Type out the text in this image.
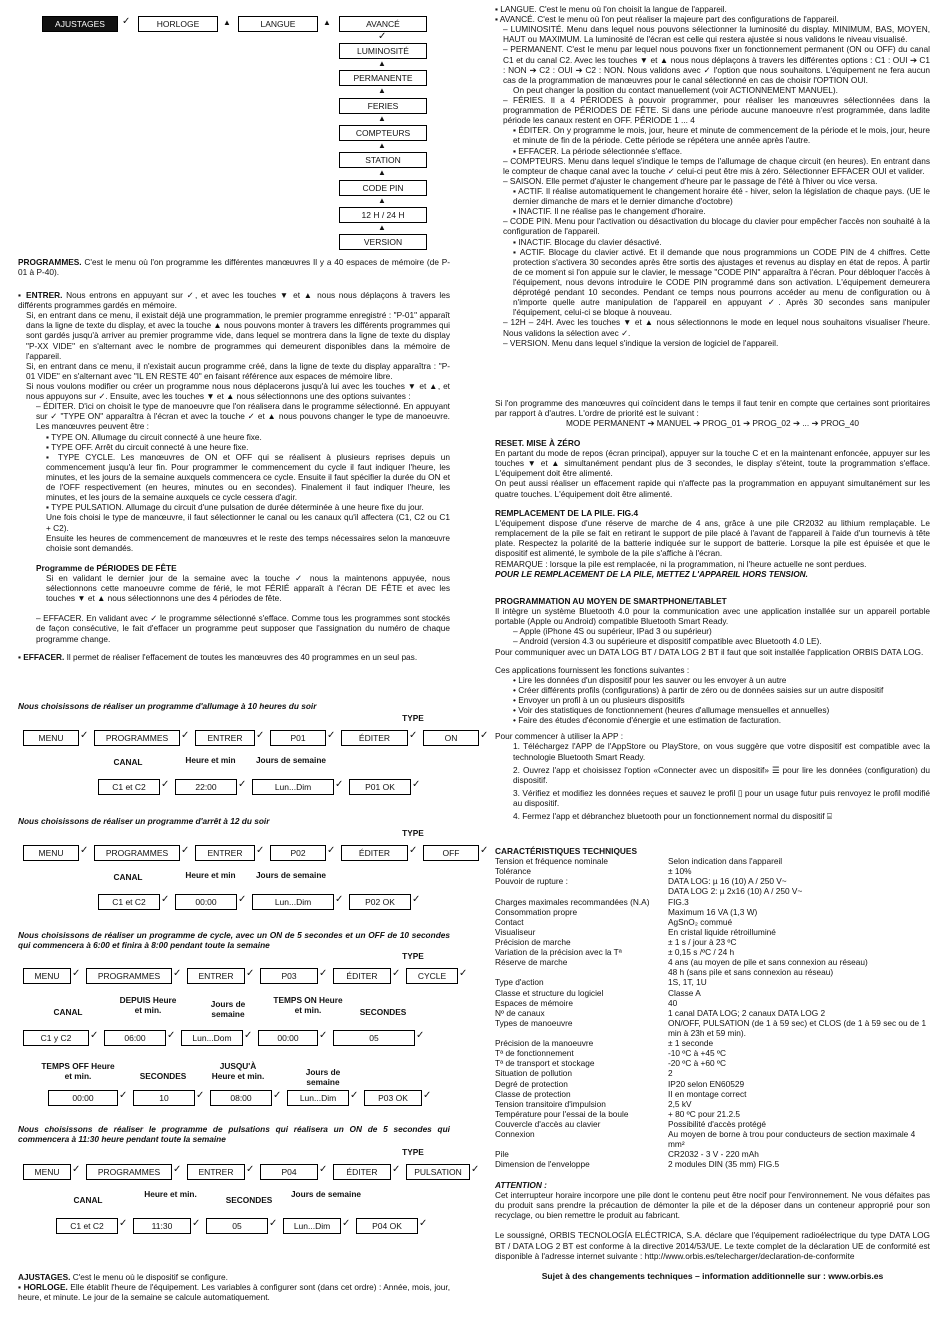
AJUSTAGES	✓	HORLOGE	▲	LANGUE	▲	AVANCÉ
✓
LUMINOSITÉ
▲
PERMANENTE
▲
FERIES
▲
COMPTEURS
▲
STATION
▲
CODE PIN
▲
12 H / 24 H
▲
VERSION

PROGRAMMES. C'est le menu où l'on programme les différentes manœuvres Il y a 40 espaces de mémoire (de P-01 à P-40).

▪ ENTRER. Nous entrons en appuyant sur ✓, et avec les touches ▼ et ▲ nous nous déplaçons à travers les différents programmes gardés en mémoire.

Si, en entrant dans ce menu, il existait déjà une programmation, le premier programme enregistré : "P-01" apparaît dans la ligne de texte du display, et avec la touche ▲ nous pouvons monter à travers les différents programmes qui sont gardés jusqu'à arriver au premier programme vide, dans lequel se montrera dans la ligne de texte du display "P-XX VIDE" en s'alternant avec le nombre de programmes qui demeurent disponibles dans la mémoire de l'appareil.

Si, en entrant dans ce menu, il n'existait aucun programme créé, dans la ligne de texte du display apparaîtra : "P-01 VIDE" en s'alternant avec "IL EN RESTE 40" en faisant référence aux espaces de mémoire libre.

Si nous voulons modifier ou créer un programme nous nous déplacerons jusqu'à lui avec les touches ▼ et ▲, et nous appuyons sur ✓. Ensuite, avec les touches ▼ et ▲ nous sélectionnons une des options suivantes :

– ÉDITER. D'ici on choisit le type de manoeuvre que l'on réalisera dans le programme sélectionné. En appuyant sur ✓ "TYPE ON" apparaîtra à l'écran et avec la touche ✓ et ▲ nous pouvons changer le type de manoeuvre. Les manœuvres peuvent être :

▪ TYPE ON. Allumage du circuit connecté à une heure fixe.

▪ TYPE OFF. Arrêt du circuit connecté à une heure fixe.

▪ TYPE CYCLE. Les manœuvres de ON et OFF qui se réalisent à plusieurs reprises depuis un commencement jusqu'à leur fin. Pour programmer le commencement du cycle il faut indiquer l'heure, les minutes, et les jours de la semaine auxquels commencera ce cycle. Ensuite il faut spécifier la durée du ON et de l'OFF respectivement (en heures, minutes ou en secondes). Finalement il faut indiquer l'heure, les minutes, et les jours de la semaine auxquels ce cycle cessera d'agir.

▪ TYPE PULSATION. Allumage du circuit d'une pulsation de durée déterminée à une heure fixe du jour.

Une fois choisi le type de manœuvre, il faut sélectionner le canal ou les canaux qu'il affectera (C1, C2 ou C1 + C2).

Ensuite les heures de commencement de manœuvres et le reste des temps nécessaires selon la manœuvre choisie sont demandés.

Programme de PÉRIODES DE FÊTE

Si en validant le dernier jour de la semaine avec la touche ✓ nous la maintenons appuyée, nous sélectionnons cette manoeuvre comme de férié, le mot FÉRIÉ apparaît à l'écran DE FÊTE et avec les touches ▼ et ▲ nous sélectionnons une des 4 périodes de fête.

– EFFACER. En validant avec ✓ le programme sélectionné s'efface. Comme tous les programmes sont stockés de façon consécutive, le fait d'effacer un programme peut supposer que l'assignation du numéro de chaque programme change.

▪ EFFACER. Il permet de réaliser l'effacement de toutes les manœuvres des 40 programmes en un seul pas.

Nous choisissons de réaliser un programme d'allumage à 10 heures du soir

TYPE
MENU	✓	PROGRAMMES	✓	ENTRER	✓	P01	✓	ÉDITER	✓	ON	✓
CANAL	Heure et min	Jours de semaine
C1 et C2	✓	22:00	✓	Lun...Dim	✓	P01 OK	✓

Nous choisissons de réaliser un programme d'arrêt à 12 du soir

TYPE
MENU	✓	PROGRAMMES	✓	ENTRER	✓	P02	✓	ÉDITER	✓	OFF	✓
CANAL	Heure et min	Jours de semaine
C1 et C2	✓	00:00	✓	Lun...Dim	✓	P02 OK	✓

Nous choisissons de réaliser un programme de cycle, avec un ON de 5 secondes et un OFF de 10 secondes qui commencera à 6:00 et finira à 8:00 pendant toute la semaine

TYPE
MENU	✓	PROGRAMMES	✓	ENTRER	✓	P03	✓	ÉDITER	✓	CYCLE	✓
CANAL
DEPUIS Heure et min.
Jours de semaine
TEMPS ON Heure et min.	SECONDES
C1 y C2	✓	06:00	✓	Lun...Dom	✓	00:00	✓	05	✓
TEMPS OFF Heure et min.	SECONDES
JUSQU'À Heure et min.	Jours de semaine
00:00	✓	10	✓	08:00	✓	Lun...Dim	✓	P03 OK	✓

Nous choisissons de réaliser le programme de pulsations qui réalisera un ON de 5 secondes qui commencera à 11:30 heure pendant toute la semaine

TYPE
MENU	✓	PROGRAMMES	✓	ENTRER	✓	P04	✓	ÉDITER	✓	PULSATION ✓
CANAL
Heure et min.
SECONDES
Jours de semaine
C1 et C2	✓	11:30	✓	05	✓	Lun...Dim	✓	P04 OK	✓

AJUSTAGES. C'est le menu où le dispositif se configure.

▪ HORLOGE. Elle établit l'heure de l'équipement. Les variables à configurer sont (dans cet ordre) : Année, mois, jour, heure, et minute. Le jour de la semaine se calcule automatiquement.

▪ LANGUE. C'est le menu où l'on choisit la langue de l'appareil.

▪ AVANCÉ. C'est le menu où l'on peut réaliser la majeure part des configurations de l'appareil.

– LUMINOSITÉ. Menu dans lequel nous pouvons sélectionner la luminosité du display. MINIMUM, BAS, MOYEN, HAUT ou MAXIMUM. La luminosité de l'écran est celle qui restera ajustée si nous validons le niveau visualisé.

– PERMANENT. C'est le menu par lequel nous pouvons fixer un fonctionnement permanent (ON ou OFF) du canal C1 et du canal C2. Avec les touches ▼ et ▲ nous nous déplaçons à travers les différentes options : C1 : OUI ➔ C1 : NON ➔ C2 : OUI ➔ C2 : NON. Nous validons avec ✓ l'option que nous souhaitons. L'équipement ne fera aucun cas de la programmation de manœuvres pour le canal sélectionné en cas de choisir l'OPTION OUI.

On peut changer la position du contact manuellement (voir ACTIONNEMENT MANUEL).

– FÉRIES. Il a 4 PÉRIODES à pouvoir programmer, pour réaliser les manœuvres sélectionnées dans la programmation de PÉRIODES DE FÊTE. Si dans une période aucune manoeuvre n'est programmée, dans ladite période les canaux restent en OFF. PÉRIODE 1 ... 4

▪ ÉDITER. On y programme le mois, jour, heure et minute de commencement de la période et le mois, jour, heure et minute de fin de la période. Cette période se répétera une année après l'autre.

▪ EFFACER. La période sélectionnée s'efface.

– COMPTEURS. Menu dans lequel s'indique le temps de l'allumage de chaque circuit (en heures). En entrant dans le compteur de chaque canal avec la touche ✓ celui-ci peut être mis à zéro. Sélectionner EFFACER OUI et valider.

– SAISON. Elle permet d'ajuster le changement d'heure par le passage de l'été à l'hiver ou vice versa.

▪ ACTIF. Il réalise automatiquement le changement horaire été - hiver, selon la législation de chaque pays. (UE le dernier dimanche de mars et le dernier dimanche d'octobre)

▪ INACTIF. Il ne réalise pas le changement d'horaire.

– CODE PIN. Menu pour l'activation ou désactivation du blocage du clavier pour empêcher l'accès non souhaité à la configuration de l'appareil.

▪ INACTIF. Blocage du clavier désactivé.

▪ ACTIF. Blocage du clavier activé. Et il demande que nous programmions un CODE PIN de 4 chiffres. Cette protection s'activera 30 secondes après être sortis des ajustages et revenus au display en état de repos. À partir de ce moment si l'on appuie sur le clavier, le message "CODE PIN" apparaîtra à l'écran. Pour débloquer l'accès à l'équipement, nous devons introduire le CODE PIN programmé dans son activation. L'équipement demeurera déprotégé pendant 10 secondes. Pendant ce temps nous pourrons accéder au menu de configuration ou à n'importe quelle autre manipulation de l'appareil en appuyant ✓. Après 30 secondes sans manipuler l'équipement, celui-ci se bloque à nouveau.

– 12H – 24H. Avec les touches ▼ et ▲ nous sélectionnons le mode en lequel nous souhaitons visualiser l'heure. Nous validons la sélection avec ✓.

– VERSION. Menu dans lequel s'indique la version de logiciel de l'appareil.

Si l'on programme des manœuvres qui coïncident dans le temps il faut tenir en compte que certaines sont prioritaires par rapport à d'autres. L'ordre de priorité est le suivant :

MODE PERMANENT ➔ MANUEL ➔ PROG_01 ➔ PROG_02 ➔ ... ➔ PROG_40

RESET. MISE À ZÉRO

En partant du mode de repos (écran principal), appuyer sur la touche C et en la maintenant enfoncée, appuyer sur les touches ▼ et ▲ simultanément pendant plus de 3 secondes, le display s'éteint, toute la programmation s'efface. L'équipement doit être alimenté.

On peut aussi réaliser un effacement rapide qui n'affecte pas la programmation en appuyant simultanément sur les quatre touches. L'équipement doit être alimenté.

REMPLACEMENT DE LA PILE. FIG.4

L'équipement dispose d'une réserve de marche de 4 ans, grâce à une pile CR2032 au lithium remplaçable. Le remplacement de la pile se fait en retirant le support de pile placé à l'avant de l'appareil à l'aide d'un tournevis à tête plate. Respectez la polarité de la batterie indiquée sur le support de batterie. Lorsque la pile est épuisée et que le dispositif est alimenté, le symbole de la pile s'affiche à l'écran.

REMARQUE : lorsque la pile est remplacée, ni la programmation, ni l'heure actuelle ne sont perdues.

POUR LE REMPLACEMENT DE LA PILE, METTEZ L'APPAREIL HORS TENSION.

PROGRAMMATION AU MOYEN DE SMARTPHONE/TABLET

Il intègre un système Bluetooth 4.0 pour la communication avec une application installée sur un appareil portable portable (Apple ou Android) compatible Bluetooth Smart Ready.

– Apple (iPhone 4S ou supérieur, IPad 3 ou supérieur)

– Android (version 4.3 ou supérieure et dispositif compatible avec Bluetooth 4.0 LE).

Pour communiquer avec un DATA LOG BT / DATA LOG 2 BT il faut que soit installée l'application ORBIS DATA LOG.

Ces applications fournissent les fonctions suivantes :

• Lire les données d'un dispositif pour les sauver ou les envoyer à un autre

• Créer différents profils (configurations) à partir de zéro ou de données saisies sur un autre dispositif

• Envoyer un profil à un ou plusieurs dispositifs

• Voir des statistiques de fonctionnement (heures d'allumage mensuelles et annuelles)

• Faire des études d'économie d'énergie et une estimation de facturation.

Pour commencer à utiliser la APP :

1. Téléchargez l'APP de l'AppStore ou PlayStore, on vous suggère que votre dispositif est compatible avec la technologie Bluetooth Smart Ready.

2. Ouvrez l'app et choisissez l'option «Connecter avec un dispositif» ☰ pour lire les données (configuration) du dispositif.

3. Vérifiez et modifiez les données reçues et sauvez le profil ▯ pour un usage futur puis renvoyez le profil modifié au dispositif.

4. Fermez l'app et débranchez bluetooth pour un fonctionnement normal du dispositif ⌸

CARACTÉRISTIQUES TECHNIQUES

Tension et fréquence nominale	Selon indication dans l'appareil
Tolérance	± 10%
Pouvoir de rupture :	DATA LOG: µ 16 (10) A / 250 V~
DATA LOG 2: µ 2x16 (10) A / 250 V~
Charges maximales recommandées (N.A)	FIG.3
Consommation propre	Maximum 16 VA (1,3 W)
Contact	AgSnO₂ commué
Visualiseur	En cristal liquide rétroilluminé
Précision de marche	± 1 s / jour à 23 ºC
Variation de la précision avec la Tª	± 0,15 s /ºC / 24 h
Réserve de marche	4 ans (au moyen de pile et sans connexion au réseau)
48 h (sans pile et sans connexion au réseau)
Type d'action	1S, 1T, 1U
Classe et structure du logiciel	Classe A
Espaces de mémoire	40
Nº de canaux	1 canal DATA LOG; 2 canaux DATA LOG 2
Types de manoeuvre	ON/OFF, PULSATION (de 1 à 59 sec) et CLOS (de 1 à 59 sec ou de 1 min à 23h et 59 min).
Précision de la manoeuvre	± 1 seconde
Tª de fonctionnement	-10 ºC à +45 ºC
Tª de transport et stockage	-20 ºC à +60 ºC
Situation de pollution	2
Degré de protection	IP20 selon EN60529
Classe de protection	II en montage correct
Tension transitoire d'impulsion	2,5 kV
Température pour l'essai de la boule	+ 80 ºC pour 21.2.5
Couvercle d'accès au clavier	Possibilité d'accès protégé
Connexion	Au moyen de borne à trou pour conducteurs de section maximale 4 mm²
Pile	CR2032 - 3 V - 220 mAh
Dimension de l'enveloppe	2 modules DIN (35 mm) FIG.5

ATTENTION :

Cet interrupteur horaire incorpore une pile dont le contenu peut être nocif pour l'environnement. Ne vous défaites pas du produit sans prendre la précaution de démonter la pile et de la déposer dans un conteneur approprié pour son recyclage, ou bien remettre le produit au fabricant.

Le soussigné, ORBIS TECNOLOGÍA ELÉCTRICA, S.A. déclare que l'équipement radioélectrique du type DATA LOG BT / DATA LOG 2 BT est conforme à la directive 2014/53/UE. Le texte complet de la déclaration UE de conformité est disponible à l'adresse internet suivante : http://www.orbis.es/telecharger/declaration-de-conformite

Sujet à des changements techniques – information additionnelle sur : www.orbis.es
